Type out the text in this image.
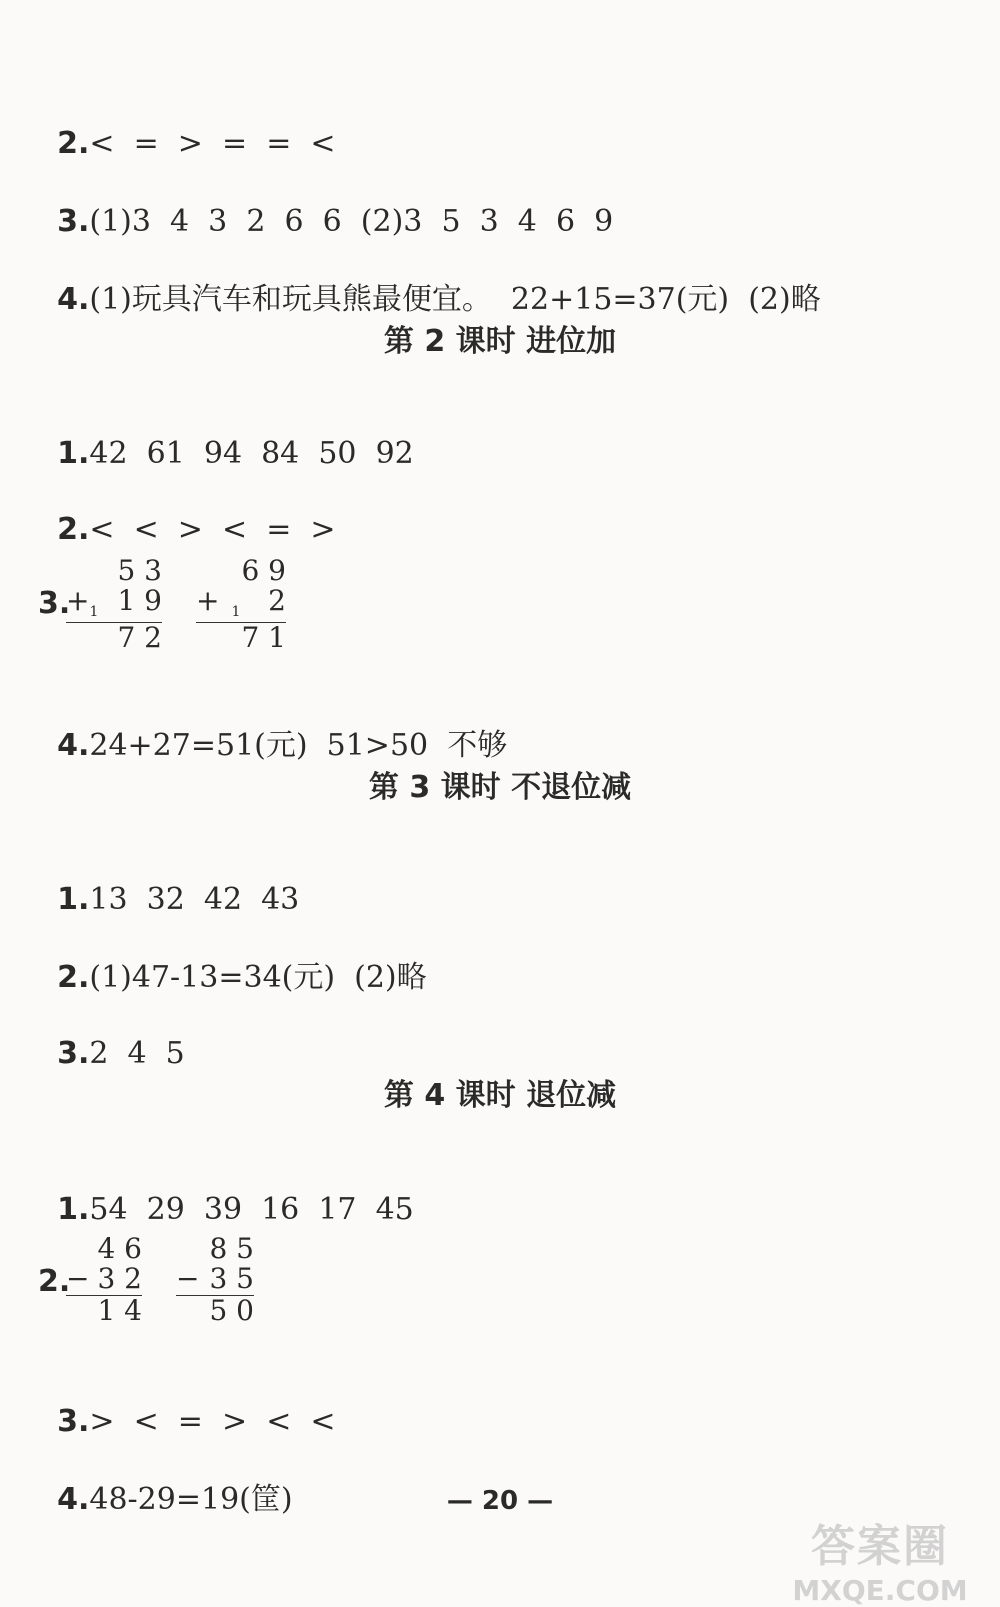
2.<  =  >  =  =  <

3.(1)3  4  3  2  6  6  (2)3  5  3  4  6  9

4.(1)玩具汽车和玩具熊最便宜。  22+15=37(元)  (2)略

第 2 课时 进位加

1.42  61  94  84  50  92

2.<  <  >  <  =  >

3.
5 3
$+_1$ 1 9
7 2
6 9
+ $_1$ 2
7 1

4.24+27=51(元)  51>50  不够

第 3 课时 不退位减

1.13  32  42  43

2.(1)47-13=34(元)  (2)略

3.2  4  5

第 4 课时 退位减

1.54  29  39  16  17  45

2.
4 6
− 3 2
1 4
8 5
− 3 5
5 0

3.>  <  =  >  <  <

4.48-29=19(筐)	— 20 —
答案圈
MXQE.COM
